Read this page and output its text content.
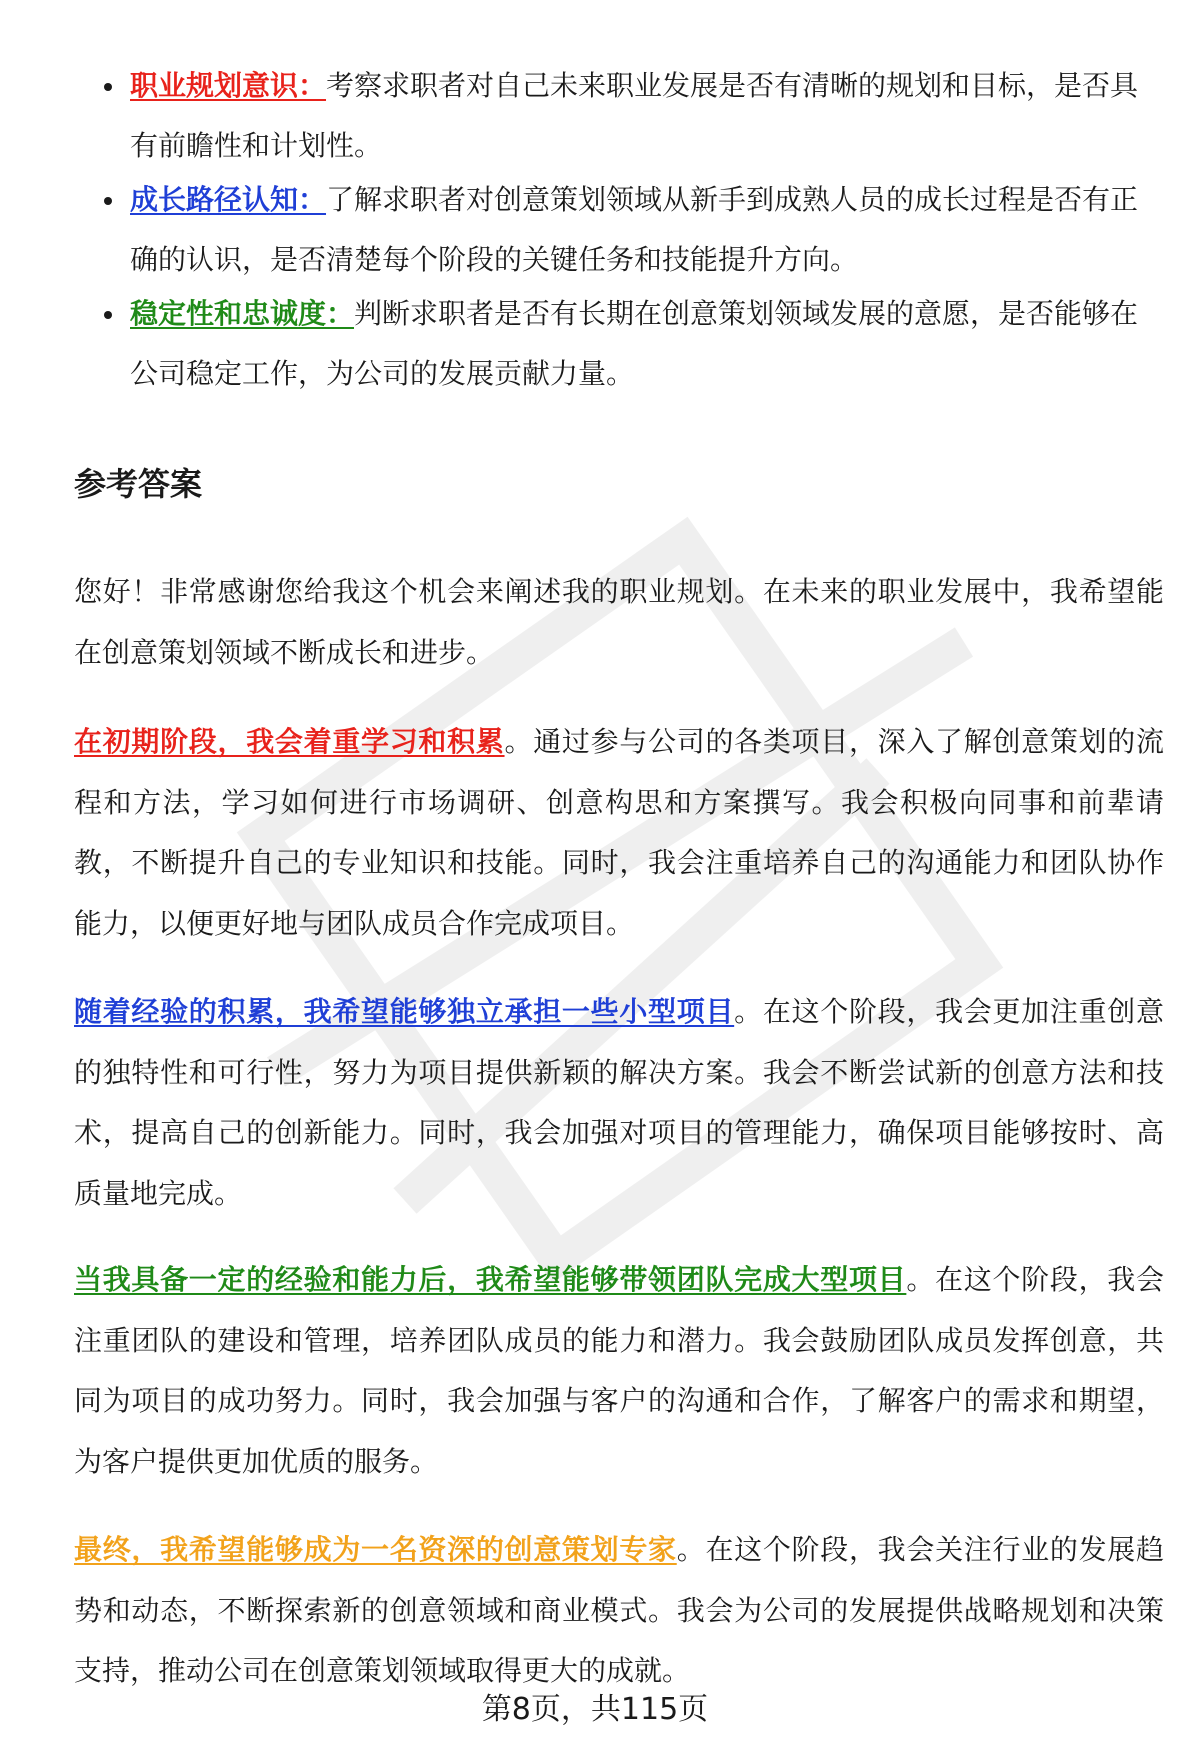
职业规划意识：考察求职者对自己未来职业发展是否有清晰的规划和目标，是否具有前瞻性和计划性。
成长路径认知：了解求职者对创意策划领域从新手到成熟人员的成长过程是否有正确的认识，是否清楚每个阶段的关键任务和技能提升方向。
稳定性和忠诚度：判断求职者是否有长期在创意策划领域发展的意愿，是否能够在公司稳定工作，为公司的发展贡献力量。
参考答案

您好！非常感谢您给我这个机会来阐述我的职业规划。在未来的职业发展中，我希望能在创意策划领域不断成长和进步。

在初期阶段，我会着重学习和积累。通过参与公司的各类项目，深入了解创意策划的流程和方法，学习如何进行市场调研、创意构思和方案撰写。我会积极向同事和前辈请教，不断提升自己的专业知识和技能。同时，我会注重培养自己的沟通能力和团队协作能力，以便更好地与团队成员合作完成项目。

随着经验的积累，我希望能够独立承担一些小型项目。在这个阶段，我会更加注重创意的独特性和可行性，努力为项目提供新颖的解决方案。我会不断尝试新的创意方法和技术，提高自己的创新能力。同时，我会加强对项目的管理能力，确保项目能够按时、高质量地完成。

当我具备一定的经验和能力后，我希望能够带领团队完成大型项目。在这个阶段，我会注重团队的建设和管理，培养团队成员的能力和潜力。我会鼓励团队成员发挥创意，共同为项目的成功努力。同时，我会加强与客户的沟通和合作，了解客户的需求和期望，为客户提供更加优质的服务。

最终，我希望能够成为一名资深的创意策划专家。在这个阶段，我会关注行业的发展趋势和动态，不断探索新的创意领域和商业模式。我会为公司的发展提供战略规划和决策支持，推动公司在创意策划领域取得更大的成就。

第8页，共115页
